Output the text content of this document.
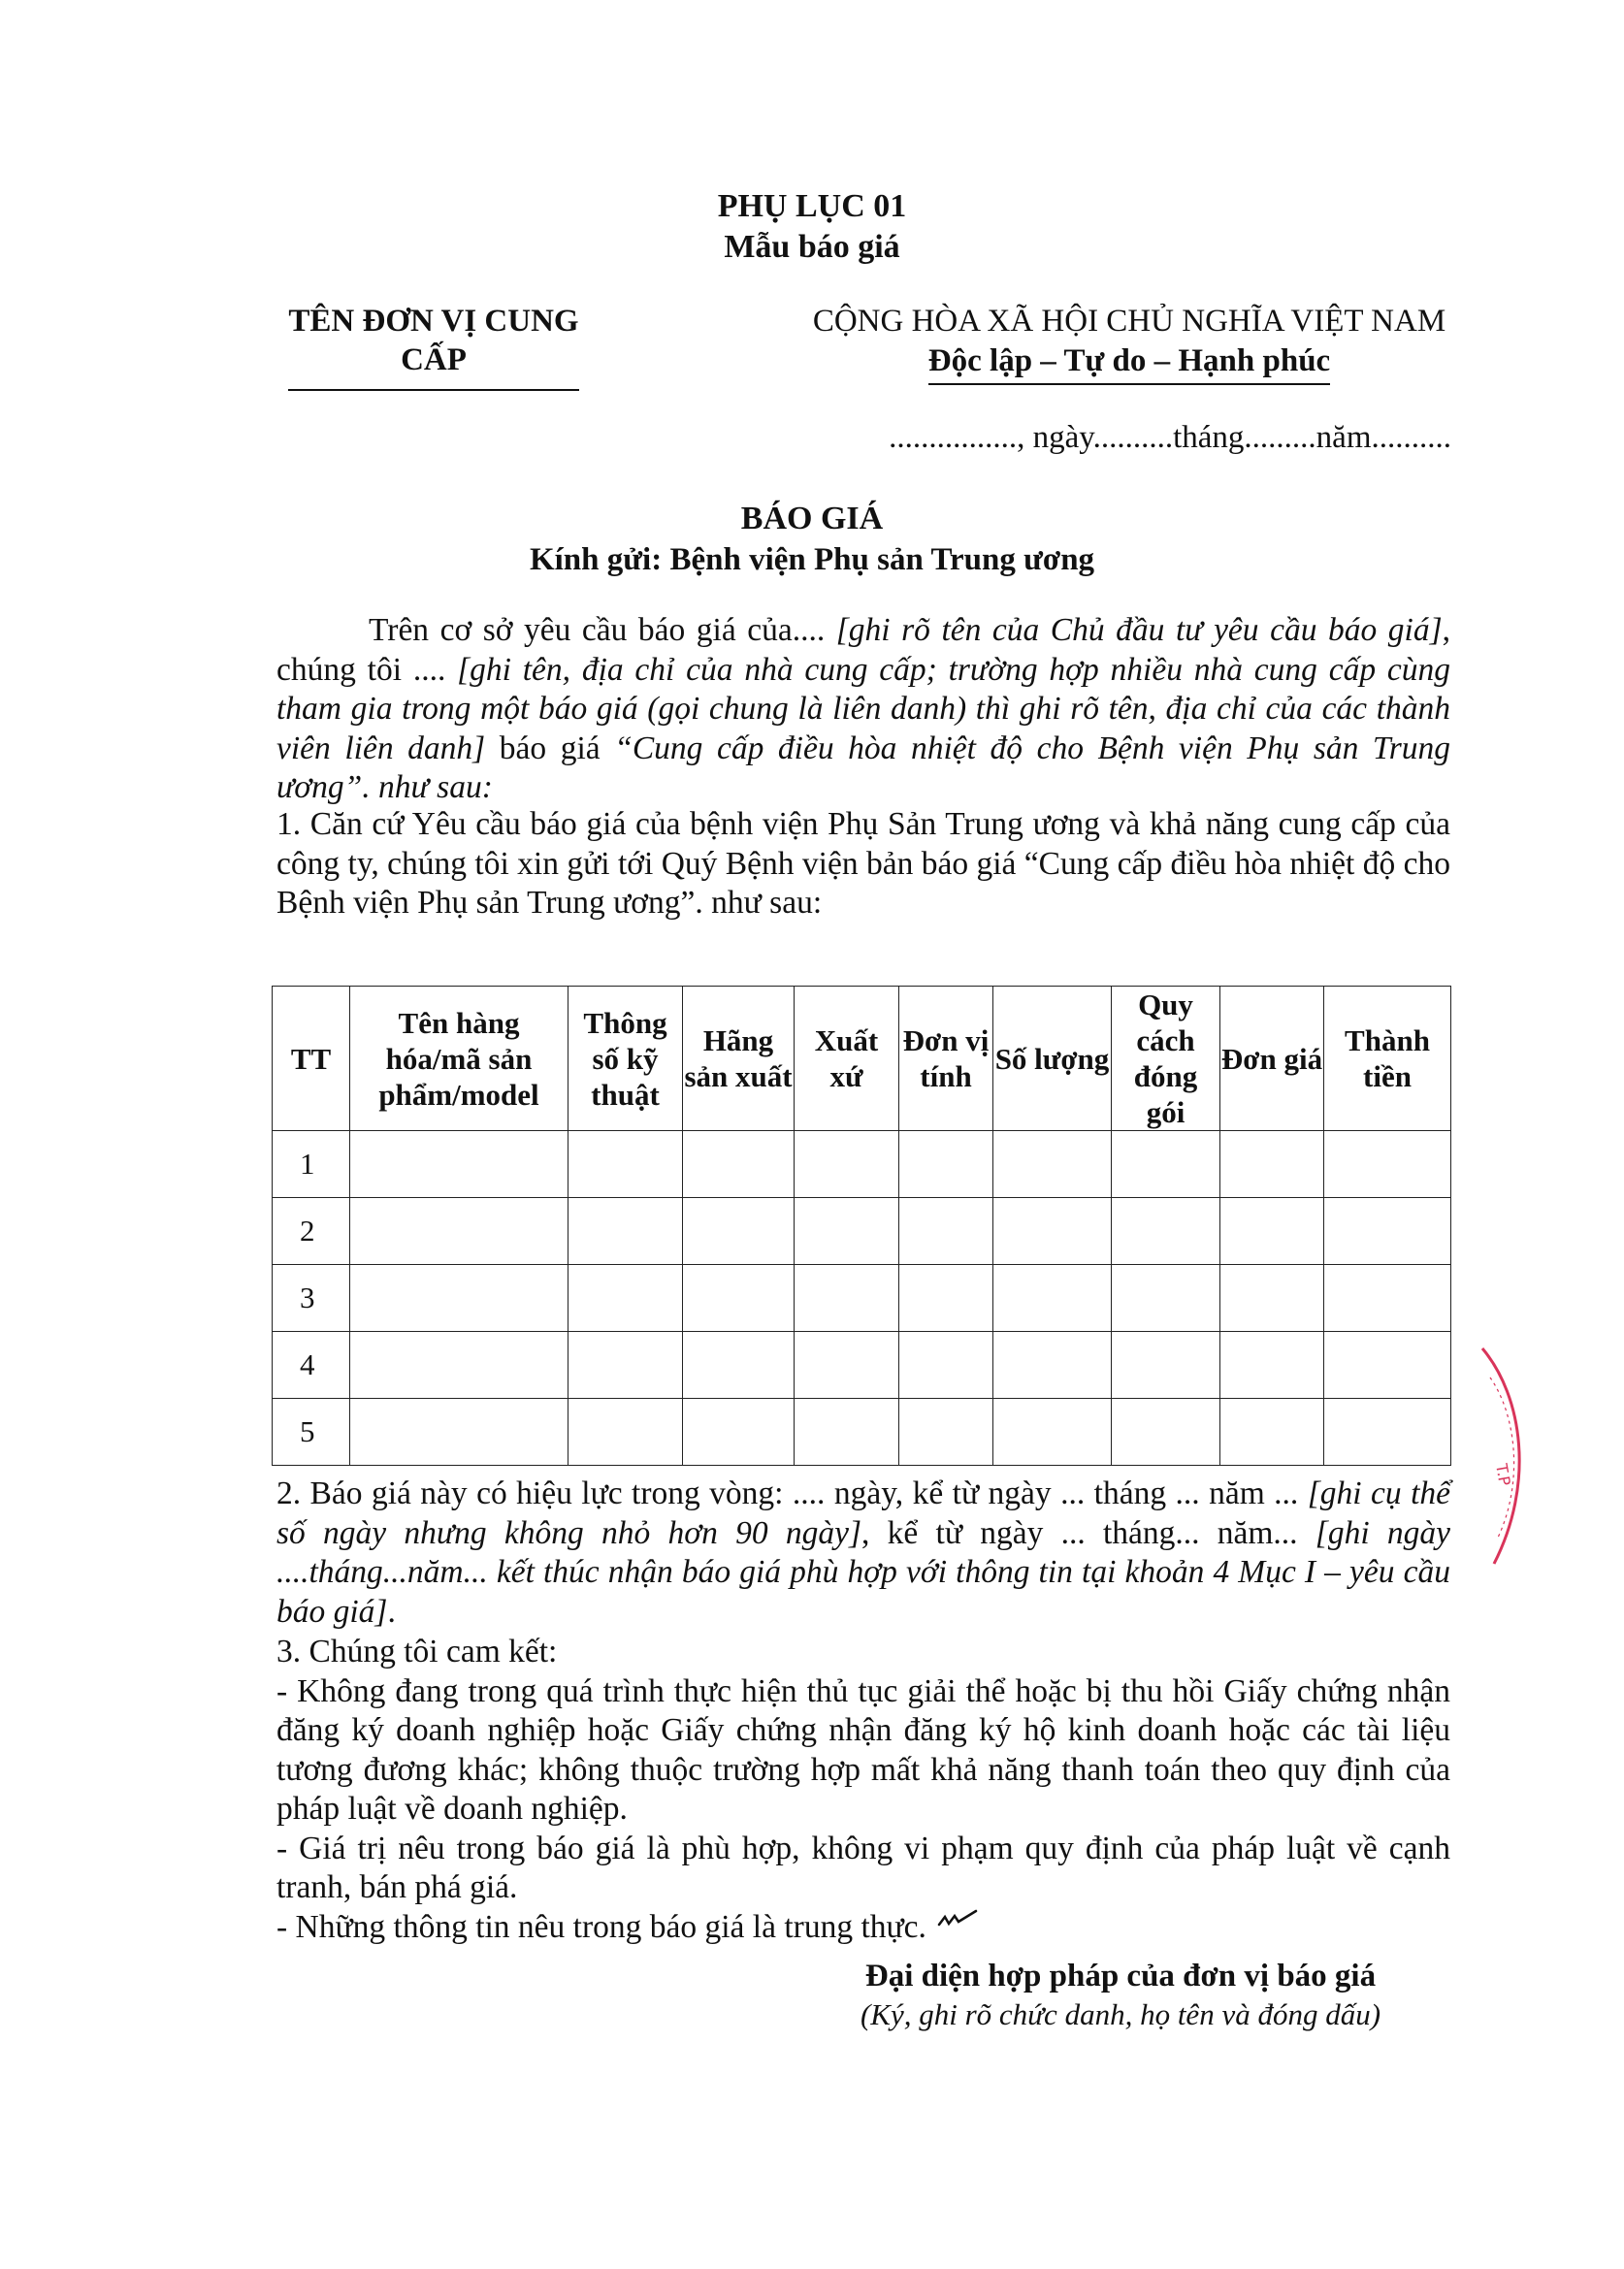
PHỤ LỤC 01
Mẫu báo giá
TÊN ĐƠN VỊ CUNG CẤP
CỘNG HÒA XÃ HỘI CHỦ NGHĨA VIỆT NAM
Độc lập – Tự do – Hạnh phúc
................, ngày..........tháng.........năm..........
BÁO GIÁ
Kính gửi: Bệnh viện Phụ sản Trung ương
Trên cơ sở yêu cầu báo giá của.... [ghi rõ tên của Chủ đầu tư yêu cầu báo giá], chúng tôi .... [ghi tên, địa chỉ của nhà cung cấp; trường hợp nhiều nhà cung cấp cùng tham gia trong một báo giá (gọi chung là liên danh) thì ghi rõ tên, địa chỉ của các thành viên liên danh] báo giá “Cung cấp điều hòa nhiệt độ cho Bệnh viện Phụ sản Trung ương”. như sau:
1. Căn cứ Yêu cầu báo giá của bệnh viện Phụ Sản Trung ương và khả năng cung cấp của công ty, chúng tôi xin gửi tới Quý Bệnh viện bản báo giá “Cung cấp điều hòa nhiệt độ cho Bệnh viện Phụ sản Trung ương”. như sau:
TT	Tên hàng hóa/mã sản phẩm/model	Thông số kỹ thuật	Hãng sản xuất	Xuất xứ	Đơn vị tính	Số lượng	Quy cách đóng gói	Đơn giá	Thành tiền
1									
2									
3									
4									
5									
2. Báo giá này có hiệu lực trong vòng: .... ngày, kể từ ngày ... tháng ... năm ... [ghi cụ thể số ngày nhưng không nhỏ hơn 90 ngày], kể từ ngày ... tháng... năm... [ghi ngày ....tháng...năm... kết thúc nhận báo giá phù hợp với thông tin tại khoản 4 Mục I – yêu cầu báo giá].

3. Chúng tôi cam kết:

- Không đang trong quá trình thực hiện thủ tục giải thể hoặc bị thu hồi Giấy chứng nhận đăng ký doanh nghiệp hoặc Giấy chứng nhận đăng ký hộ kinh doanh hoặc các tài liệu tương đương khác; không thuộc trường hợp mất khả năng thanh toán theo quy định của pháp luật về doanh nghiệp.

- Giá trị nêu trong báo giá là phù hợp, không vi phạm quy định của pháp luật về cạnh tranh, bán phá giá.

- Những thông tin nêu trong báo giá là trung thực.

T.P
Đại diện hợp pháp của đơn vị báo giá
(Ký, ghi rõ chức danh, họ tên và đóng dấu)
